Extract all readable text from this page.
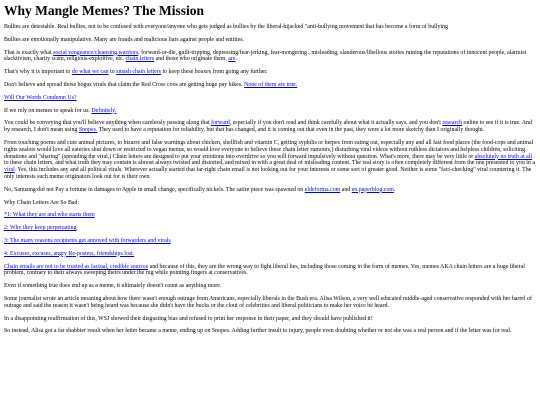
Why Mangle Memes? The Mission

Bullies are detestable. Real bullies, not to be confused with everyone/anyone who gets judged as bullies by the liberal-hijacked "anti-bullying movement that has become a form of bullying

Bullies are emotionally manipulative. Many are frauds and malicious liars against people and entities.

That is exactly what social vengeance/cleansing warriors, forward-or-die, guilt-tripping, depressing/fear-jerking, fear-mongering , misleading, slanderous/libellous stories ruining the reputations of innocent people, alarmist slacktivism, charity scam, religious-exploitive, etc. chain letters and those who originate them, are.

That's why it is important to do what we can to smash chain letters to keep these hoaxes from going any further.

Don't believe and spread those bogus virals that claim the Red Cross coos are getting huge pay hikes. None of them are true.

Will Our Words Condemn Us?

If we rely on memes to speak for us. Definitely.

You could be conveying that you'll believe anything when carelessly passing along that forward, especially if you don't read and think carefully about what it actually says, and you don't research online to see if it is true. And by research, I don't mean using Snopes. They used to have a reputation for reliability, but that has changed, and it is coming out that even in the past, they were a lot more sketchy than I originally thought.

From touching poems and cute animal pictures, to bizarre and false warnings about chicken, shellfish and vitamin C, getting syphilis or herpes from eating out, especially any and all fast food places (the food-cops and animal rights zealots would love all eateries shut down or restricted to vegan menus, so would love everyone to believe these chain letter rumours,) disturbing viral videos without ruthless dictators and helpless children, soliciting donations and "sharing" (spreading the viral,) Chain letters are designed to put your emotions into overdrive so you will forward impulsively without question. What's more, there may be very little or absolutely no truth at all to these chain letters, and what truth they may contain is almost always twisted and distorted, and mixed in with a great deal of misleading content. The real story is often completely different from the one presented to you in a viral. Yes, this includes any and all political virals. Wherever actually started that far-right chain email is not looking out for your interests or some sort of greater good. Neither is some "fact-checking" viral countering it. The only interests such meme originators look out for is their own.

No, Samsung did not Pay a fortune in damages to Apple in small change, specifically nickels. The satire piece was spawned on eldeforma.com and en.paperblog.com.

Why Chain Letters Are So Bad:

*1: What they are and who starts them

2: Why they keep perpetuating

3: The many reasons recipients get annoyed with forwarders and virals

4: Excuses, excuses, angry Re-posters, friendships lost.

Chain emails are not to be trusted as factual, credible sources and because of this, they are the wrong way to fight liberal lies, including those coming in the form of memes. Yes, memes AKA chain letters are a huge liberal problem, contrary to their always sweeping theirs under the rug while pointing fingers at conservatives.

Even if something true does end up as a meme, it ultimately doesn't count as anything more.

Some journalist wrote an article moaning about how there wasn't enough outrage from Americans, especially liberals in the Bush era. Alisa Wilson, a very well educated middle-aged conservative responded with her barrel of outrage and said the reason it wasn't being heard was because she didn't have the bucks or the clout of celebrities and liberal politicians to make her voice be heard.

In a disappointing reaffirmation of this, WSJ showed their disgusting bias and refused to print her response in their paper, and they should have published it!

So instead, Alisa got a far shabbier result when her letter became a meme, ending up on Snopes. Adding further insult to injury, people even doubting whether or not she was a real person and if the letter was for real.
